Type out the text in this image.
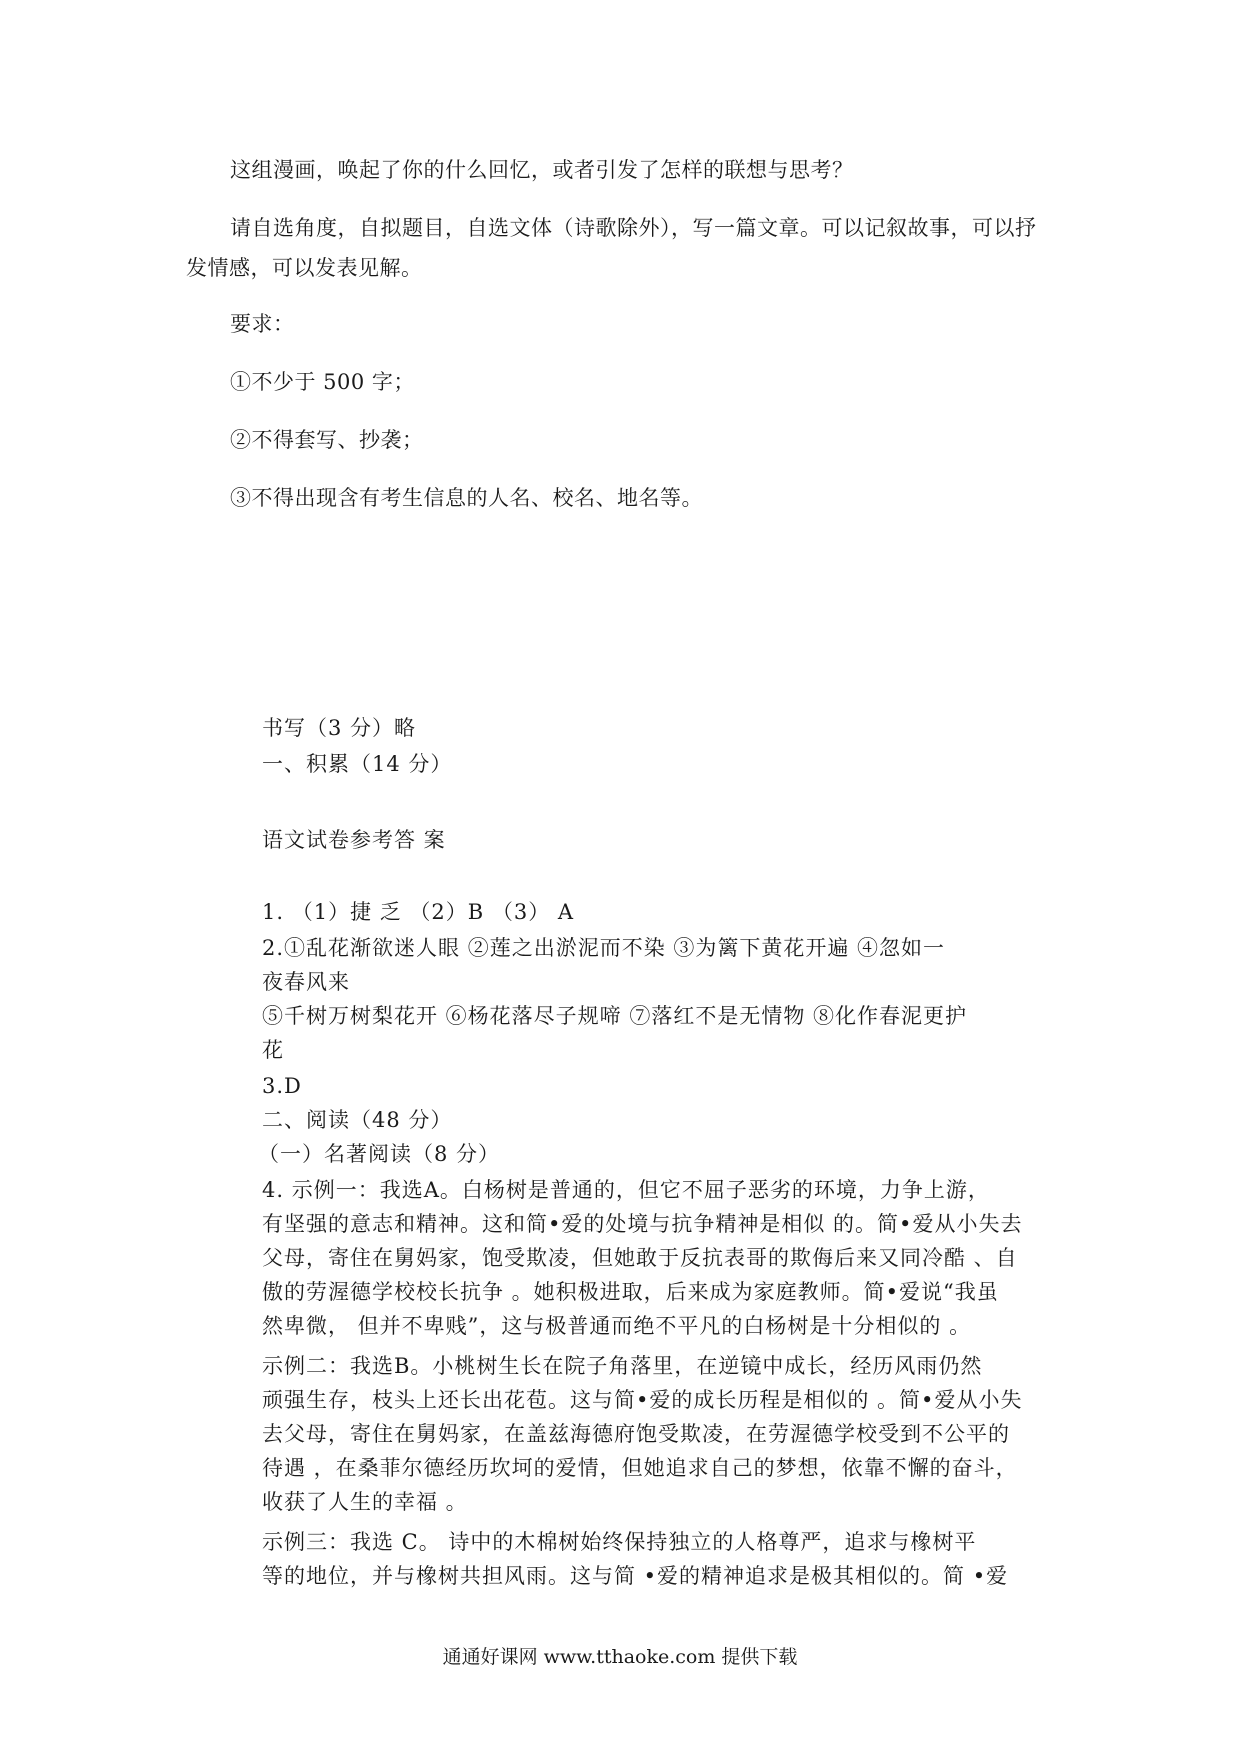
这组漫画，唤起了你的什么回忆，或者引发了怎样的联想与思考？
请自选角度，自拟题目，自选文体（诗歌除外），写一篇文章。可以记叙故事，可以抒
发情感，可以发表见解。
要求：
①不少于 500 字；
②不得套写、抄袭；
③不得出现含有考生信息的人名、校名、地名等。
书写（3 分）略
一、积累（14 分）
语文试卷参考答 案
1. （1）捷 乏 （2）B （3） A
2.①乱花渐欲迷人眼 ②莲之出淤泥而不染 ③为篱下黄花开遍 ④忽如一
夜春风来
⑤千树万树梨花开 ⑥杨花落尽子规啼 ⑦落红不是无情物 ⑧化作春泥更护
花
3.D
二、阅读（48 分）
（一）名著阅读（8 分）
4. 示例一：我选A。白杨树是普通的，但它不屈子恶劣的环境，力争上游，
有坚强的意志和精神。这和简•爱的处境与抗争精神是相似 的。简•爱从小失去
父母，寄住在舅妈家，饱受欺凌，但她敢于反抗表哥的欺侮后来又同冷酷 、自
傲的劳渥德学校校长抗争 。她积极进取，后来成为家庭教师。简•爱说“我虽
然卑微， 但并不卑贱”，这与极普通而绝不平凡的白杨树是十分相似的 。
示例二：我选B。小桃树生长在院子角落里，在逆镜中成长，经历风雨仍然
顽强生存，枝头上还长出花苞。这与简•爱的成长历程是相似的 。简•爱从小失
去父母，寄住在舅妈家，在盖兹海德府饱受欺凌，在劳渥德学校受到不公平的
待遇 ，在桑菲尔德经历坎坷的爱情，但她追求自己的梦想，依靠不懈的奋斗，
收获了人生的幸福 。
示例三：我选 C。 诗中的木棉树始终保持独立的人格尊严，追求与橡树平
等的地位，并与橡树共担风雨。这与简 •爱的精神追求是极其相似的。简 •爱
通通好课网 www.tthaoke.com 提供下载
